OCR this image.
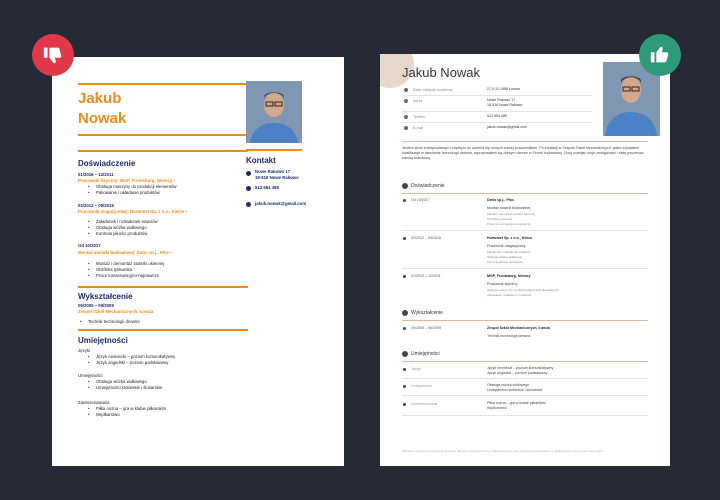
Jakub
Nowak
Kontakt
Nowe Rakowo 17
18-516 Nowe Rakowo
513 654 489
jakub.nowak@gmail.com
Doświadczenie
01/2016 – 12/2011
Pracownik fizyczny: MGP, Frontsburg, Niemcy •
• Obsługa maszyny do produkcji elementów
• Pakowanie i układanie produktów
02/2012 – 09/2016
Pracownik magazynowy: Hurtomet Sp. z o.o., Kielce •
• Załadunek i rozładunek towarów
• Obsługa wózka widłowego
• Kontrola jakości produktów
Od 10/2017
Montaż stolarki budowlanej: Dario sp.j., Płoc •
• Montaż i demontaż stolarki okiennej
• Obróbka tynkarska
• Prace konserwacyjno-naprawcze
Wykształcenie
09/2005 – 06/2009
Zespół Szkół Mechanicznych, Łomża
• Technik technologii drewna
Umiejętności
Języki
• Język niemiecki – poziom komunikatywny
• Język angielski – poziom podstawowy
Umiejętności
• Obsługa wózka widłowego
• Umiejętności stolarskie i ślusarskie
Zainteresowania
• Piłka nożna – gra w klubie piłkarskim
• Wędkarstwo
Jakub Nowak
Data i miejsce urodzenia	27.0.31.1988 Łomża
Adres	Nowe Rakowo 17
18-516 Nowe Rakowo
Telefon	512 654 489
E-mail	jakub.nowak@gmail.com
Jestem silnie zmotywowanym i chętnym do uczenia się nowych rzeczy pracownikiem. Po edukacji w Zespole Szkół Mechanicznych, gdzie uzyskałem kwalifikacje w dziedzinie technologii drewna, zapracowałem się dobrym okresie w Firmie budowlanej. Chcę rozwijać moje umiejętności i dalej poszerzać wiedzę branżową.
Doświadczenie
Od 10/2017	Dario sp.j., Płoc
Montaż stolarki budowlanej
Montaż i demontaż stolarki okiennej
Obróbka tynkarska
Prace konserwacyjno-naprawcze
02/2012 – 09/2016	Hurtomet Sp. z o.o., Kielce
Pracownik magazynowy
Załadunek i rozładunek towarów
Obsługa wózka widłowego
Kontrola jakości produktów
01/2010 – 12/2011	MGP, Frontsburg, Niemcy
Pracownik fizyczny
obsługa maszyn do produkcji elementów drewnianych
pakowanie i układanie produktów
Wykształcenie
09/2005 – 06/2009	Zespół Szkół Mechanicznych, Łomża
Technik technologii drewna
Umiejętności
Języki	Język niemiecki – poziom komunikatywny
Język angielski – poziom podstawowy
Umiejętności	Obsługa wózka widłowego
Umiejętności stolarskie i ślusarskie
Zainteresowania	Piłka nożna – gra w klubie piłkarskim
Wędkarstwo
Wyrażam zgodę na przetwarzanie moich danych osobowych przez Jakub Nowak w celu prowadzenia rekrutacji na aplikowane przeze mnie stanowisko.
